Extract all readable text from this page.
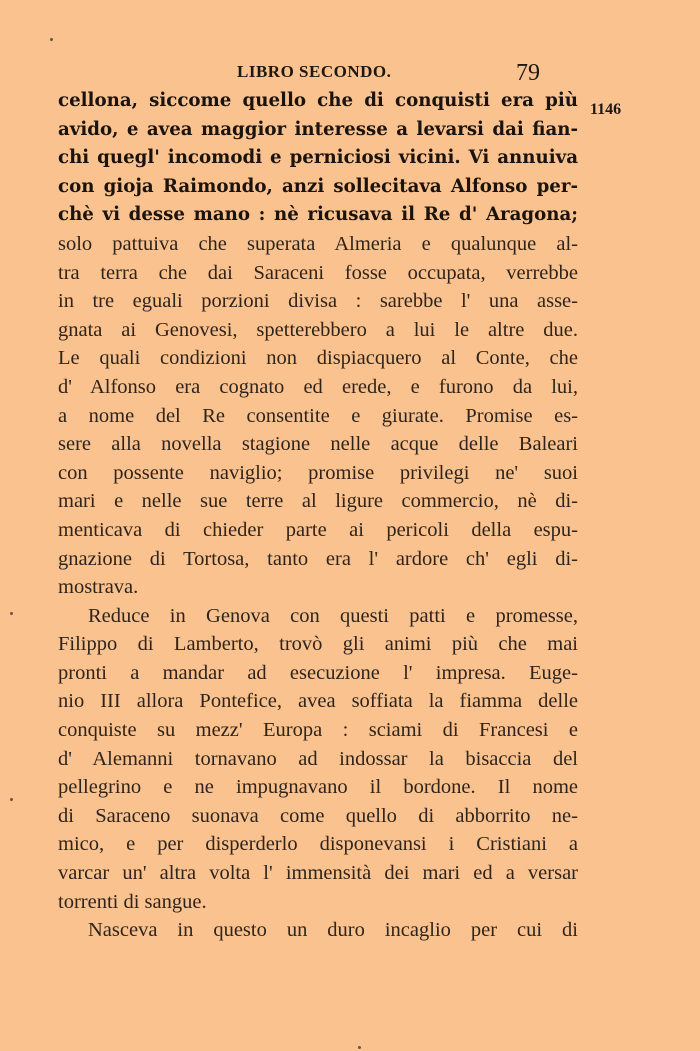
LIBRO SECONDO.	79
1146
cellona, siccome quello che di conquisti era più
avido, e avea maggior interesse a levarsi dai fian-
chi quegl' incomodi e perniciosi vicini. Vi annuiva
con gioja Raimondo, anzi sollecitava Alfonso per-
chè vi desse mano : nè ricusava il Re d' Aragona;
solo pattuiva che superata Almeria e qualunque al-
tra terra che dai Saraceni fosse occupata, verrebbe
in tre eguali porzioni divisa : sarebbe l' una asse-
gnata ai Genovesi, spetterebbero a lui le altre due.
Le quali condizioni non dispiacquero al Conte, che
d' Alfonso era cognato ed erede, e furono da lui,
a nome del Re consentite e giurate. Promise es-
sere alla novella stagione nelle acque delle Baleari
con possente naviglio; promise privilegi ne' suoi
mari e nelle sue terre al ligure commercio, nè di-
menticava di chieder parte ai pericoli della espu-
gnazione di Tortosa, tanto era l' ardore ch' egli di-
mostrava.
Reduce in Genova con questi patti e promesse,
Filippo di Lamberto, trovò gli animi più che mai
pronti a mandar ad esecuzione l' impresa. Euge-
nio III allora Pontefice, avea soffiata la fiamma delle
conquiste su mezz' Europa : sciami di Francesi e
d' Alemanni tornavano ad indossar la bisaccia del
pellegrino e ne impugnavano il bordone. Il nome
di Saraceno suonava come quello di abborrito ne-
mico, e per disperderlo disponevansi i Cristiani a
varcar un' altra volta l' immensità dei mari ed a versar
torrenti di sangue.
Nasceva in questo un duro incaglio per cui di
